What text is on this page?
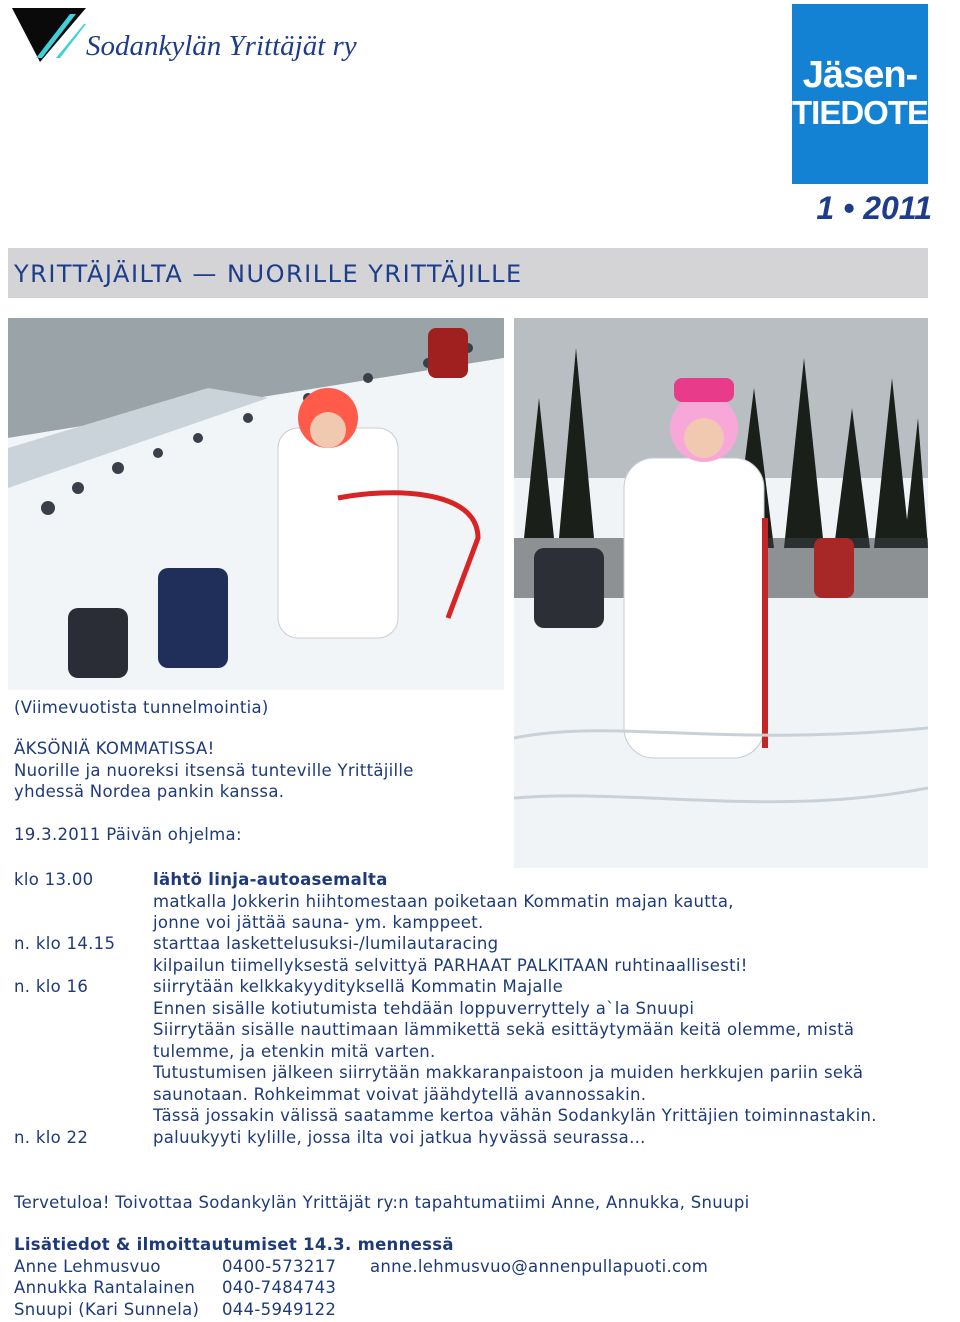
Sodankylän Yrittäjät ry
Jäsen-
TIEDOTE
1 • 2011
YRITTÄJÄILTA — NUORILLE YRITTÄJILLE
(Viimevuotista tunnelmointia)
ÄKSÖNIÄ KOMMATISSA!
Nuorille ja nuoreksi itsensä tunteville Yrittäjille
yhdessä Nordea pankin kanssa.
19.3.2011 Päivän ohjelma:
klo 13.00	lähtö linja-autoasemalta
matkalla Jokkerin hiihtomestaan poiketaan Kommatin majan kautta,
jonne voi jättää sauna- ym. kamppeet.
n. klo 14.15 starttaa laskettelusuksi-/lumilautaracing
kilpailun tiimellyksestä selvittyä PARHAAT PALKITAAN ruhtinaallisesti!
n. klo 16	siirrytään kelkkakyydityksellä Kommatin Majalle
Ennen sisälle kotiutumista tehdään loppuverryttely a`la Snuupi
Siirrytään sisälle nauttimaan lämmikettä sekä esittäytymään keitä olemme, mistä
tulemme, ja etenkin mitä varten.
Tutustumisen jälkeen siirrytään makkaranpaistoon ja muiden herkkujen pariin sekä
saunotaan. Rohkeimmat voivat jäähdytellä avannossakin.
Tässä jossakin välissä saatamme kertoa vähän Sodankylän Yrittäjien toiminnastakin.
n. klo 22	paluukyyti kylille, jossa ilta voi jatkua hyvässä seurassa…
Tervetuloa! Toivottaa Sodankylän Yrittäjät ry:n tapahtumatiimi Anne, Annukka, Snuupi
Lisätiedot & ilmoittautumiset 14.3. mennessä
Anne Lehmusvuo	0400-573217	anne.lehmusvuo@annenpullapuoti.com
Annukka Rantalainen	040-7484743
Snuupi (Kari Sunnela)	044-5949122
